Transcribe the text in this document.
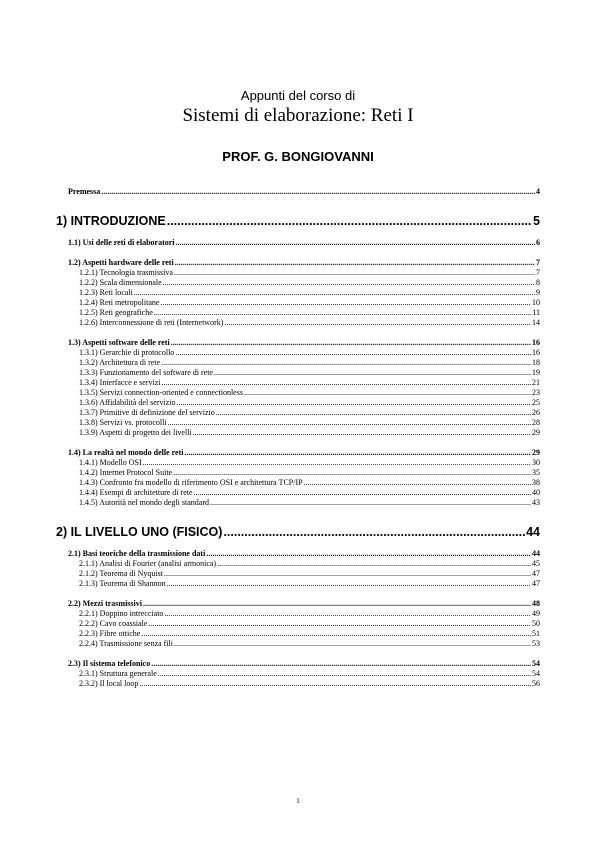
Appunti del corso di
Sistemi di elaborazione: Reti I
PROF. G. BONGIOVANNI
Premessa .....	4
1) INTRODUZIONE .....	5
1.1) Usi delle reti di elaboratori .....	6
1.2) Aspetti hardware delle reti .....	7
1.2.1) Tecnologia trasmissiva .....	7
1.2.2) Scala dimensionale .....	8
1.2.3) Reti locali .....	9
1.2.4) Reti metropolitane .....	10
1.2.5) Reti geografiche .....	11
1.2.6) Interconnessione di reti (Internetwork) .....	14
1.3) Aspetti software delle reti .....	16
1.3.1) Gerarchie di protocollo .....	16
1.3.2) Architettura di rete .....	18
1.3.3) Funzionamento del software di rete .....	19
1.3.4) Interfacce e servizi .....	21
1.3.5) Servizi connection-oriented e connectionless .....	23
1.3.6) Affidabilità del servizio .....	25
1.3.7) Primitive di definizione del servizio .....	26
1.3.8) Servizi vs. protocolli .....	28
1.3.9) Aspetti di progetto dei livelli .....	29
1.4) La realtà nel mondo delle reti .....	29
1.4.1) Modello OSI .....	30
1.4.2) Internet Protocol Suite .....	35
1.4.3) Confronto fra modello di riferimento OSI e architettura TCP/IP .....	38
1.4.4) Esempi di architetture di rete .....	40
1.4.5) Autorità nel mondo degli standard .....	43
2) IL LIVELLO UNO (FISICO) .....	44
2.1) Basi teoriche della trasmissione dati .....	44
2.1.1) Analisi di Fourier (analisi armonica) .....	45
2.1.2) Teorema di Nyquist .....	47
2.1.3) Teorema di Shannon .....	47
2.2) Mezzi trasmissivi .....	48
2.2.1) Doppino intrecciato .....	49
2.2.2) Cavo coassiale .....	50
2.2.3) Fibre ottiche .....	51
2.2.4) Trasmissione senza fili .....	53
2.3) Il sistema telefonico .....	54
2.3.1) Struttura generale .....	54
2.3.2) Il local loop .....	56
1
